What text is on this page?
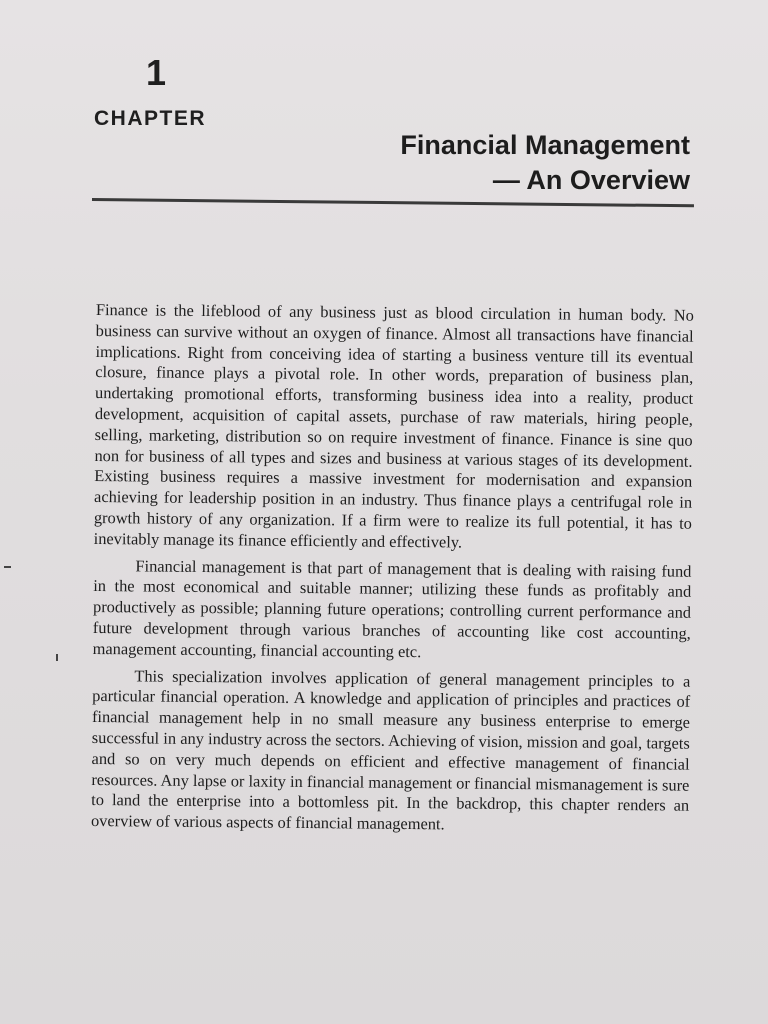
1
CHAPTER
Financial Management
— An Overview

Finance is the lifeblood of any business just as blood circulation in human body. No business can survive without an oxygen of finance. Almost all transactions have financial implications. Right from conceiving idea of starting a business venture till its eventual closure, finance plays a pivotal role. In other words, preparation of business plan, undertaking promotional efforts, transforming business idea into a reality, product development, acquisition of capital assets, purchase of raw materials, hiring people, selling, marketing, distribution so on require investment of finance. Finance is sine quo non for business of all types and sizes and business at various stages of its development. Existing business requires a massive investment for modernisation and expansion achieving for leadership position in an industry. Thus finance plays a centrifugal role in growth history of any organization. If a firm were to realize its full potential, it has to inevitably manage its finance efficiently and effectively.

Financial management is that part of management that is dealing with raising fund in the most economical and suitable manner; utilizing these funds as profitably and productively as possible; planning future operations; controlling current performance and future development through various branches of accounting like cost accounting, management accounting, financial accounting etc.

This specialization involves application of general management principles to a particular financial operation. A knowledge and application of principles and practices of financial management help in no small measure any business enterprise to emerge successful in any industry across the sectors. Achieving of vision, mission and goal, targets and so on very much depends on efficient and effective management of financial resources. Any lapse or laxity in financial management or financial mismanagement is sure to land the enterprise into a bottomless pit. In the backdrop, this chapter renders an overview of various aspects of financial management.
